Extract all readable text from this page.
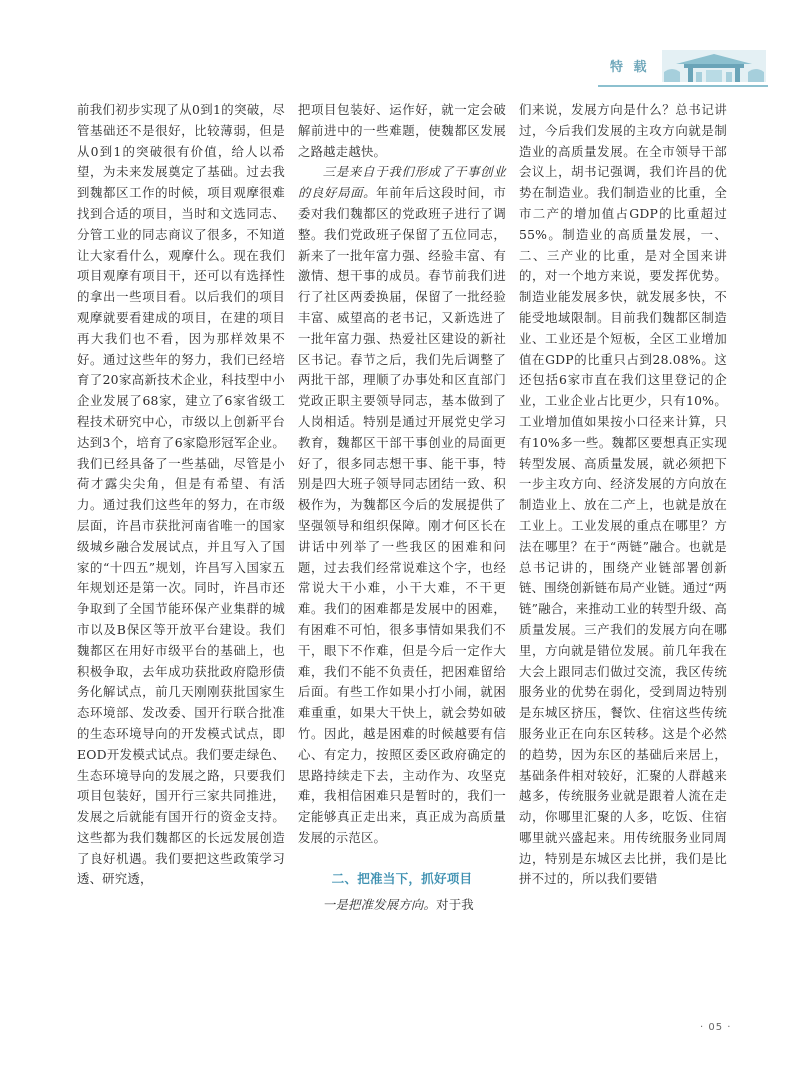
特 载

前我们初步实现了从0到1的突破，尽管基础还不是很好，比较薄弱，但是从0到1的突破很有价值，给人以希望，为未来发展奠定了基础。过去我到魏都区工作的时候，项目观摩很难找到合适的项目，当时和文选同志、分管工业的同志商议了很多，不知道让大家看什么，观摩什么。现在我们项目观摩有项目干，还可以有选择性的拿出一些项目看。以后我们的项目观摩就要看建成的项目，在建的项目再大我们也不看，因为那样效果不好。通过这些年的努力，我们已经培育了20家高新技术企业，科技型中小企业发展了68家，建立了6家省级工程技术研究中心，市级以上创新平台达到3个，培育了6家隐形冠军企业。我们已经具备了一些基础，尽管是小荷才露尖尖角，但是有希望、有活力。通过我们这些年的努力，在市级层面，许昌市获批河南省唯一的国家级城乡融合发展试点，并且写入了国家的“十四五”规划，许昌写入国家五年规划还是第一次。同时，许昌市还争取到了全国节能环保产业集群的城市以及B保区等开放平台建设。我们魏都区在用好市级平台的基础上，也积极争取，去年成功获批政府隐形债务化解试点，前几天刚刚获批国家生态环境部、发改委、国开行联合批准的生态环境导向的开发模式试点，即EOD开发模式试点。我们要走绿色、生态环境导向的发展之路，只要我们项目包装好，国开行三家共同推进，发展之后就能有国开行的资金支持。这些都为我们魏都区的长远发展创造了良好机遇。我们要把这些政策学习透、研究透，

把项目包装好、运作好，就一定会破解前进中的一些难题，使魏都区发展之路越走越快。

三是来自于我们形成了干事创业的良好局面。年前年后这段时间，市委对我们魏都区的党政班子进行了调整。我们党政班子保留了五位同志，新来了一批年富力强、经验丰富、有激情、想干事的成员。春节前我们进行了社区两委换届，保留了一批经验丰富、威望高的老书记，又新选进了一批年富力强、热爱社区建设的新社区书记。春节之后，我们先后调整了两批干部，理顺了办事处和区直部门党政正职主要领导同志，基本做到了人岗相适。特别是通过开展党史学习教育，魏都区干部干事创业的局面更好了，很多同志想干事、能干事，特别是四大班子领导同志团结一致、积极作为，为魏都区今后的发展提供了坚强领导和组织保障。刚才何区长在讲话中列举了一些我区的困难和问题，过去我们经常说难这个字，也经常说大干小难，小干大难，不干更难。我们的困难都是发展中的困难，有困难不可怕，很多事情如果我们不干，眼下不作难，但是今后一定作大难，我们不能不负责任，把困难留给后面。有些工作如果小打小闹，就困难重重，如果大干快上，就会势如破竹。因此，越是困难的时候越要有信心、有定力，按照区委区政府确定的思路持续走下去，主动作为、攻坚克难，我相信困难只是暂时的，我们一定能够真正走出来，真正成为高质量发展的示范区。

二、把准当下，抓好项目

一是把准发展方向。对于我

们来说，发展方向是什么？总书记讲过，今后我们发展的主攻方向就是制造业的高质量发展。在全市领导干部会议上，胡书记强调，我们许昌的优势在制造业。我们制造业的比重，全市二产的增加值占GDP的比重超过55%。制造业的高质量发展，一、二、三产业的比重，是对全国来讲的，对一个地方来说，要发挥优势。制造业能发展多快，就发展多快，不能受地域限制。目前我们魏都区制造业、工业还是个短板，全区工业增加值在GDP的比重只占到28.08%。这还包括6家市直在我们这里登记的企业，工业企业占比更少，只有10%。工业增加值如果按小口径来计算，只有10%多一些。魏都区要想真正实现转型发展、高质量发展，就必须把下一步主攻方向、经济发展的方向放在制造业上、放在二产上，也就是放在工业上。工业发展的重点在哪里？方法在哪里？在于“两链”融合。也就是总书记讲的，围绕产业链部署创新链、围绕创新链布局产业链。通过“两链”融合，来推动工业的转型升级、高质量发展。三产我们的发展方向在哪里，方向就是错位发展。前几年我在大会上跟同志们做过交流，我区传统服务业的优势在弱化，受到周边特别是东城区挤压，餐饮、住宿这些传统服务业正在向东区转移。这是个必然的趋势，因为东区的基础后来居上，基础条件相对较好，汇聚的人群越来越多，传统服务业就是跟着人流在走动，你哪里汇聚的人多，吃饭、住宿哪里就兴盛起来。用传统服务业同周边，特别是东城区去比拼，我们是比拼不过的，所以我们要错

· 05 ·
